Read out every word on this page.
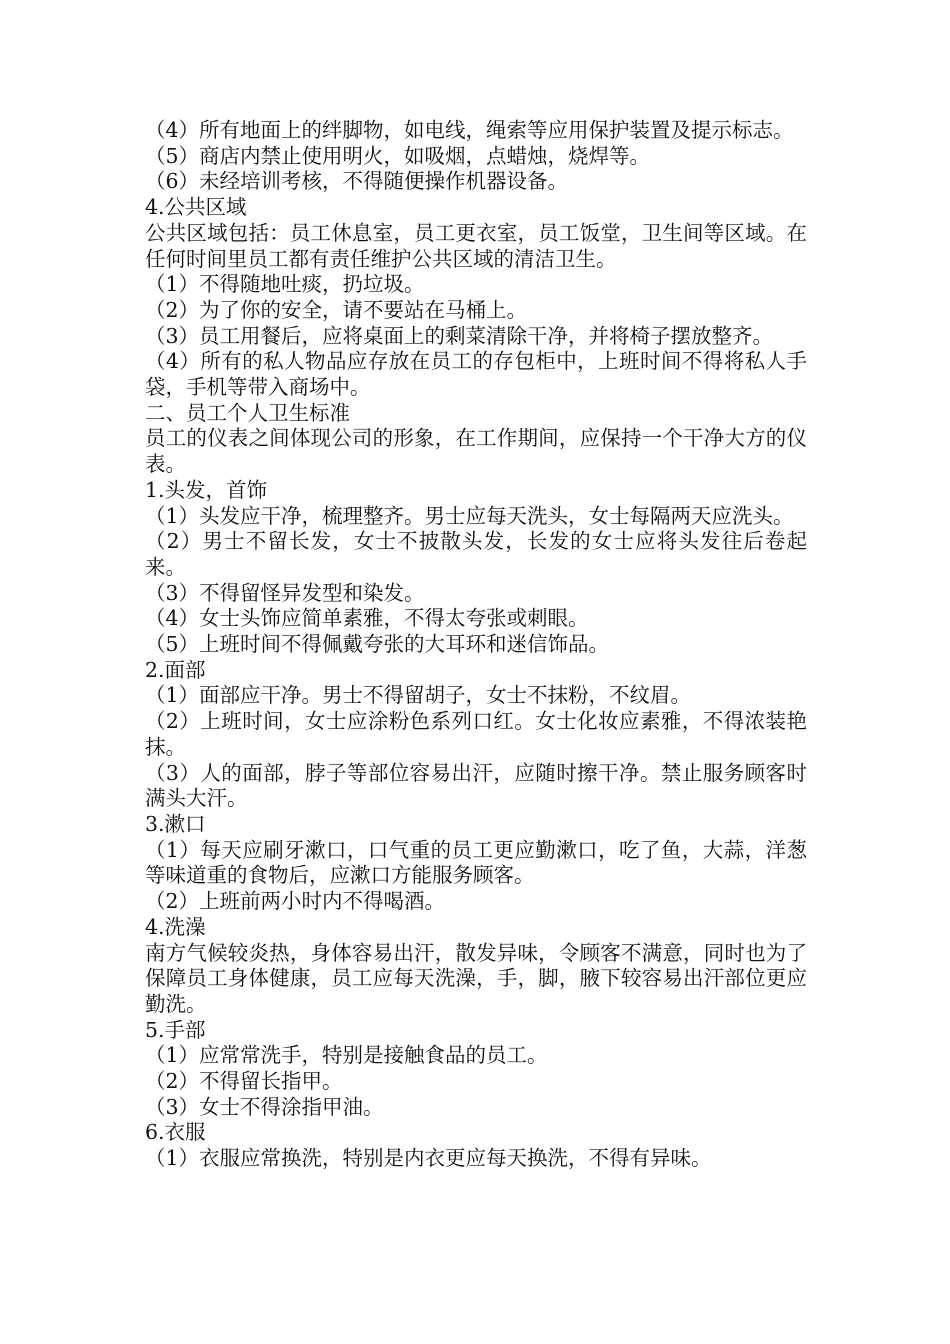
（4）所有地面上的绊脚物，如电线，绳索等应用保护装置及提示标志。

（5）商店内禁止使用明火，如吸烟，点蜡烛，烧焊等。

（6）未经培训考核，不得随便操作机器设备。

4.公共区域

公共区域包括：员工休息室，员工更衣室，员工饭堂，卫生间等区域。在任何时间里员工都有责任维护公共区域的清洁卫生。

（1）不得随地吐痰，扔垃圾。

（2）为了你的安全，请不要站在马桶上。

（3）员工用餐后，应将桌面上的剩菜清除干净，并将椅子摆放整齐。

（4）所有的私人物品应存放在员工的存包柜中，上班时间不得将私人手袋，手机等带入商场中。

二、员工个人卫生标准

员工的仪表之间体现公司的形象，在工作期间，应保持一个干净大方的仪表。

1.头发，首饰

（1）头发应干净，梳理整齐。男士应每天洗头，女士每隔两天应洗头。

（2）男士不留长发，女士不披散头发，长发的女士应将头发往后卷起来。

（3）不得留怪异发型和染发。

（4）女士头饰应简单素雅，不得太夸张或刺眼。

（5）上班时间不得佩戴夸张的大耳环和迷信饰品。

2.面部

（1）面部应干净。男士不得留胡子，女士不抹粉，不纹眉。

（2）上班时间，女士应涂粉色系列口红。女士化妆应素雅，不得浓装艳抹。

（3）人的面部，脖子等部位容易出汗，应随时擦干净。禁止服务顾客时满头大汗。

3.漱口

（1）每天应刷牙漱口，口气重的员工更应勤漱口，吃了鱼，大蒜，洋葱等味道重的食物后，应漱口方能服务顾客。

（2）上班前两小时内不得喝酒。

4.洗澡

南方气候较炎热，身体容易出汗，散发异味，令顾客不满意，同时也为了保障员工身体健康，员工应每天洗澡，手，脚，腋下较容易出汗部位更应勤洗。

5.手部

（1）应常常洗手，特别是接触食品的员工。

（2）不得留长指甲。

（3）女士不得涂指甲油。

6.衣服

（1）衣服应常换洗，特别是内衣更应每天换洗，不得有异味。
